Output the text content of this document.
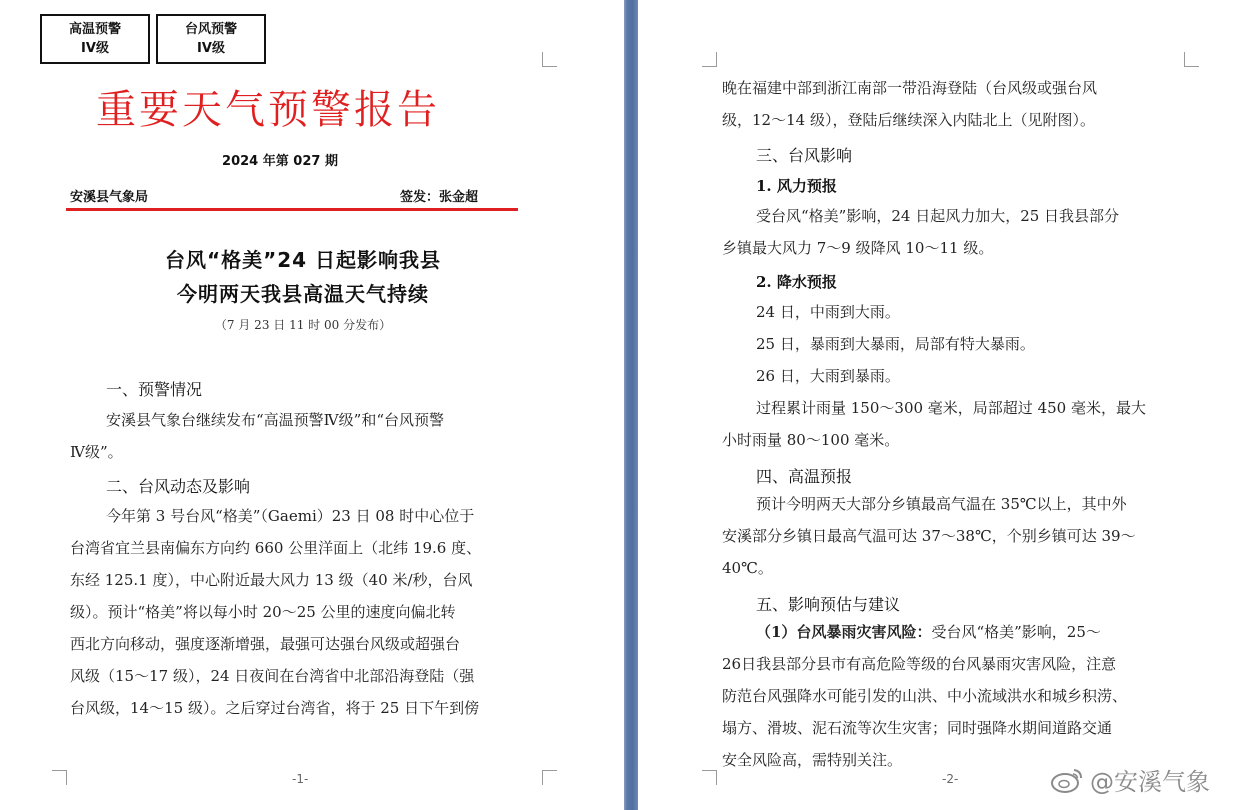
高温预警
IV级
台风预警
IV级
重要天气预警报告
2024 年第 027 期
安溪县气象局	签发：张金超
台风“格美”24 日起影响我县
今明两天我县高温天气持续
（7 月 23 日 11 时 00 分发布）
一、预警情况
安溪县气象台继续发布“高温预警Ⅳ级”和“台风预警
Ⅳ级”。
二、台风动态及影响
今年第 3 号台风“格美”（Gaemi）23 日 08 时中心位于
台湾省宜兰县南偏东方向约 660 公里洋面上（北纬 19.6 度、
东经 125.1 度），中心附近最大风力 13 级（40 米/秒，台风
级）。预计“格美”将以每小时 20～25 公里的速度向偏北转
西北方向移动，强度逐渐增强，最强可达强台风级或超强台
风级（15～17 级），24 日夜间在台湾省中北部沿海登陆（强
台风级，14～15 级）。之后穿过台湾省，将于 25 日下午到傍
-1-
晚在福建中部到浙江南部一带沿海登陆（台风级或强台风
级，12～14 级），登陆后继续深入内陆北上（见附图）。
三、台风影响
1. 风力预报
受台风“格美”影响，24 日起风力加大，25 日我县部分
乡镇最大风力 7～9 级降风 10～11 级。
2. 降水预报
24 日，中雨到大雨。
25 日，暴雨到大暴雨，局部有特大暴雨。
26 日，大雨到暴雨。
过程累计雨量 150～300 毫米，局部超过 450 毫米，最大
小时雨量 80～100 毫米。
四、高温预报
预计今明两天大部分乡镇最高气温在 35℃以上，其中外
安溪部分乡镇日最高气温可达 37～38℃，个别乡镇可达 39～
40℃。
五、影响预估与建议
（1）台风暴雨灾害风险：受台风“格美”影响，25～
26日我县部分县市有高危险等级的台风暴雨灾害风险，注意
防范台风强降水可能引发的山洪、中小流域洪水和城乡积涝、
塌方、滑坡、泥石流等次生灾害；同时强降水期间道路交通
安全风险高，需特别关注。
-2-	@安溪气象
